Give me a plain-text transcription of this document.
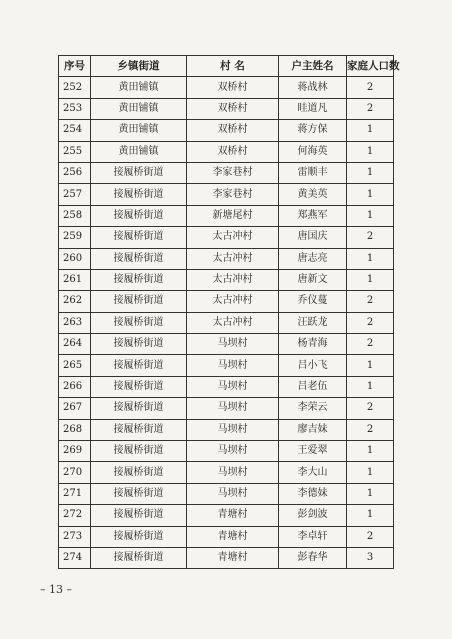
序号	乡镇街道	村 名	户主姓名	家庭人口数
252	黄田铺镇	双桥村	蒋战林	2
253	黄田铺镇	双桥村	眭道凡	2
254	黄田铺镇	双桥村	蒋方保	1
255	黄田铺镇	双桥村	何海英	1
256	接履桥街道	李家巷村	雷顺丰	1
257	接履桥街道	李家巷村	黄美英	1
258	接履桥街道	新塘尾村	郑燕军	1
259	接履桥街道	太古冲村	唐国庆	2
260	接履桥街道	太古冲村	唐志亮	1
261	接履桥街道	太古冲村	唐新文	1
262	接履桥街道	太古冲村	乔仪蔓	2
263	接履桥街道	太古冲村	汪跃龙	2
264	接履桥街道	马坝村	杨青海	2
265	接履桥街道	马坝村	吕小飞	1
266	接履桥街道	马坝村	吕老伍	1
267	接履桥街道	马坝村	李荣云	2
268	接履桥街道	马坝村	廖吉妹	2
269	接履桥街道	马坝村	王爱翠	1
270	接履桥街道	马坝村	李大山	1
271	接履桥街道	马坝村	李德妹	1
272	接履桥街道	青塘村	彭剑波	1
273	接履桥街道	青塘村	李卓轩	2
274	接履桥街道	青塘村	彭春华	3
– 13 –
